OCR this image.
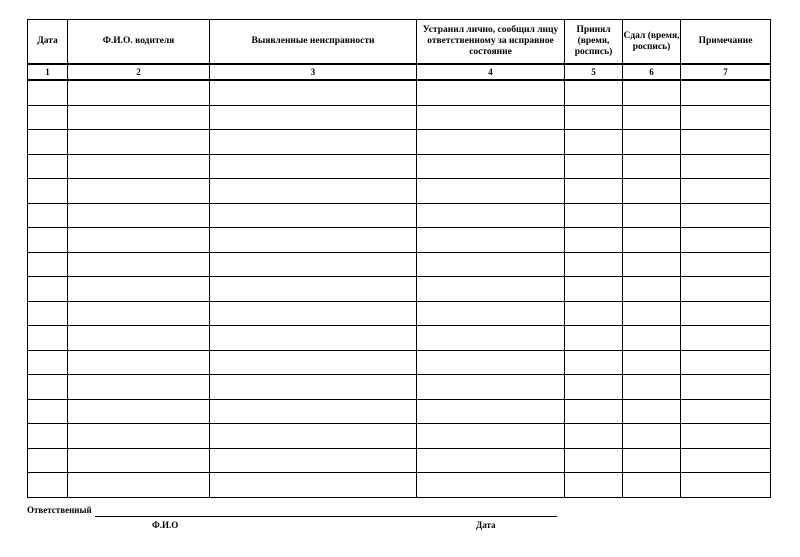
Дата	Ф.И.О. водителя	Выявленные неисправности	Устранил лично, сообщил лицу ответственному за исправное состояние	Принял (время, роспись)	Сдал (время, роспись)	Примечание
1	2	3	4	5	6	7

Ответственный
Ф.И.О	Дата
